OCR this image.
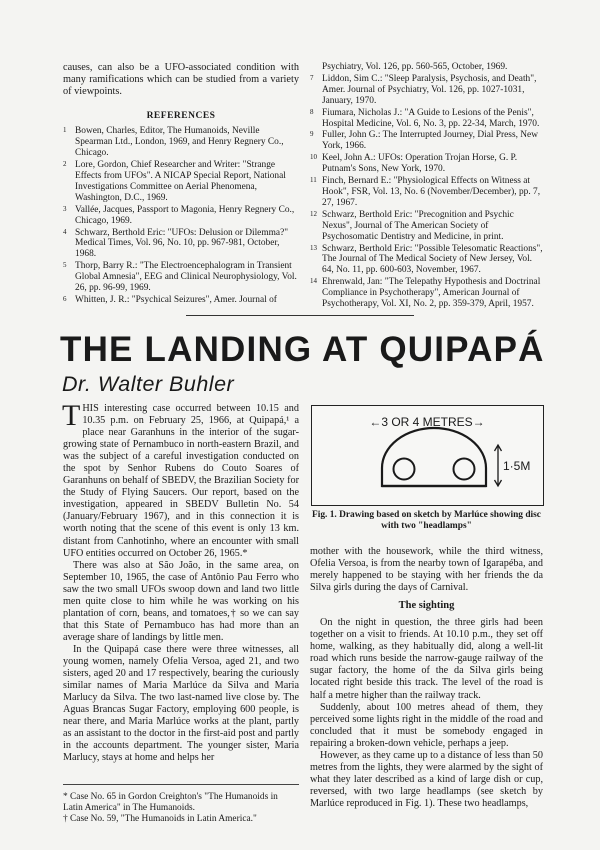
causes, can also be a UFO-associated condition with many ramifications which can be studied from a variety of viewpoints.
REFERENCES
1 Bowen, Charles, Editor, The Humanoids, Neville Spearman Ltd., London, 1969, and Henry Regnery Co., Chicago.
2 Lore, Gordon, Chief Researcher and Writer: "Strange Effects from UFOs". A NICAP Special Report, National Investigations Committee on Aerial Phenomena, Washington, D.C., 1969.
3 Vallée, Jacques, Passport to Magonia, Henry Regnery Co., Chicago, 1969.
4 Schwarz, Berthold Eric: "UFOs: Delusion or Dilemma?" Medical Times, Vol. 96, No. 10, pp. 967-981, October, 1968.
5 Thorp, Barry R.: "The Electroencephalogram in Transient Global Amnesia", EEG and Clinical Neurophysiology, Vol. 26, pp. 96-99, 1969.
6 Whitten, J. R.: "Psychical Seizures", Amer. Journal of
Psychiatry, Vol. 126, pp. 560-565, October, 1969.
7 Liddon, Sim C.: "Sleep Paralysis, Psychosis, and Death", Amer. Journal of Psychiatry, Vol. 126, pp. 1027-1031, January, 1970.
8 Fiumara, Nicholas J.: "A Guide to Lesions of the Penis", Hospital Medicine, Vol. 6, No. 3, pp. 22-34, March, 1970.
9 Fuller, John G.: The Interrupted Journey, Dial Press, New York, 1966.
10 Keel, John A.: UFOs: Operation Trojan Horse, G. P. Putnam's Sons, New York, 1970.
11 Finch, Bernard E.: "Physiological Effects on Witness at Hook", FSR, Vol. 13, No. 6 (November/December), pp. 7, 27, 1967.
12 Schwarz, Berthold Eric: "Precognition and Psychic Nexus", Journal of The American Society of Psychosomatic Dentistry and Medicine, in print.
13 Schwarz, Berthold Eric: "Possible Telesomatic Reactions", The Journal of The Medical Society of New Jersey, Vol. 64, No. 11, pp. 600-603, November, 1967.
14 Ehrenwald, Jan: "The Telepathy Hypothesis and Doctrinal Compliance in Psychotherapy", American Journal of Psychotherapy, Vol. XI, No. 2, pp. 359-379, April, 1957.
THE LANDING AT QUIPAPÁ
Dr. Walter Buhler

THIS interesting case occurred between 10.15 and 10.35 p.m. on February 25, 1966, at Quipapá,¹ a place near Garanhuns in the interior of the sugar-growing state of Pernambuco in north-eastern Brazil, and was the subject of a careful investigation conducted on the spot by Senhor Rubens do Couto Soares of Garanhuns on behalf of SBEDV, the Brazilian Society for the Study of Flying Saucers. Our report, based on the investigation, appeared in SBEDV Bulletin No. 54 (January/February 1967), and in this connection it is worth noting that the scene of this event is only 13 km. distant from Canhotinho, where an encounter with small UFO entities occurred on October 26, 1965.*

There was also at São João, in the same area, on September 10, 1965, the case of Antônio Pau Ferro who saw the two small UFOs swoop down and land two little men quite close to him while he was working on his plantation of corn, beans, and tomatoes,† so we can say that this State of Pernambuco has had more than an average share of landings by little men.

In the Quipapá case there were three witnesses, all young women, namely Ofelia Versoa, aged 21, and two sisters, aged 20 and 17 respectively, bearing the curiously similar names of Maria Marlúce da Silva and Maria Marlucy da Silva. The two last-named live close by. The Aguas Brancas Sugar Factory, employing 600 people, is near there, and Maria Marlúce works at the plant, partly as an assistant to the doctor in the first-aid post and partly in the accounts department. The younger sister, Maria Marlucy, stays at home and helps her

* Case No. 65 in Gordon Creighton's "The Humanoids in Latin America" in The Humanoids.
† Case No. 59, "The Humanoids in Latin America."
←3 OR 4 METRES→
1·5M
Fig. 1. Drawing based on sketch by Marlúce showing disc with two "headlamps"

mother with the housework, while the third witness, Ofelia Versoa, is from the nearby town of Igarapéba, and merely happened to be staying with her friends the da Silva girls during the days of Carnival.

The sighting

On the night in question, the three girls had been together on a visit to friends. At 10.10 p.m., they set off home, walking, as they habitually did, along a well-lit road which runs beside the narrow-gauge railway of the sugar factory, the home of the da Silva girls being located right beside this track. The level of the road is half a metre higher than the railway track.

Suddenly, about 100 metres ahead of them, they perceived some lights right in the middle of the road and concluded that it must be somebody engaged in repairing a broken-down vehicle, perhaps a jeep.

However, as they came up to a distance of less than 50 metres from the lights, they were alarmed by the sight of what they later described as a kind of large dish or cup, reversed, with two large headlamps (see sketch by Marlúce reproduced in Fig. 1). These two headlamps,
